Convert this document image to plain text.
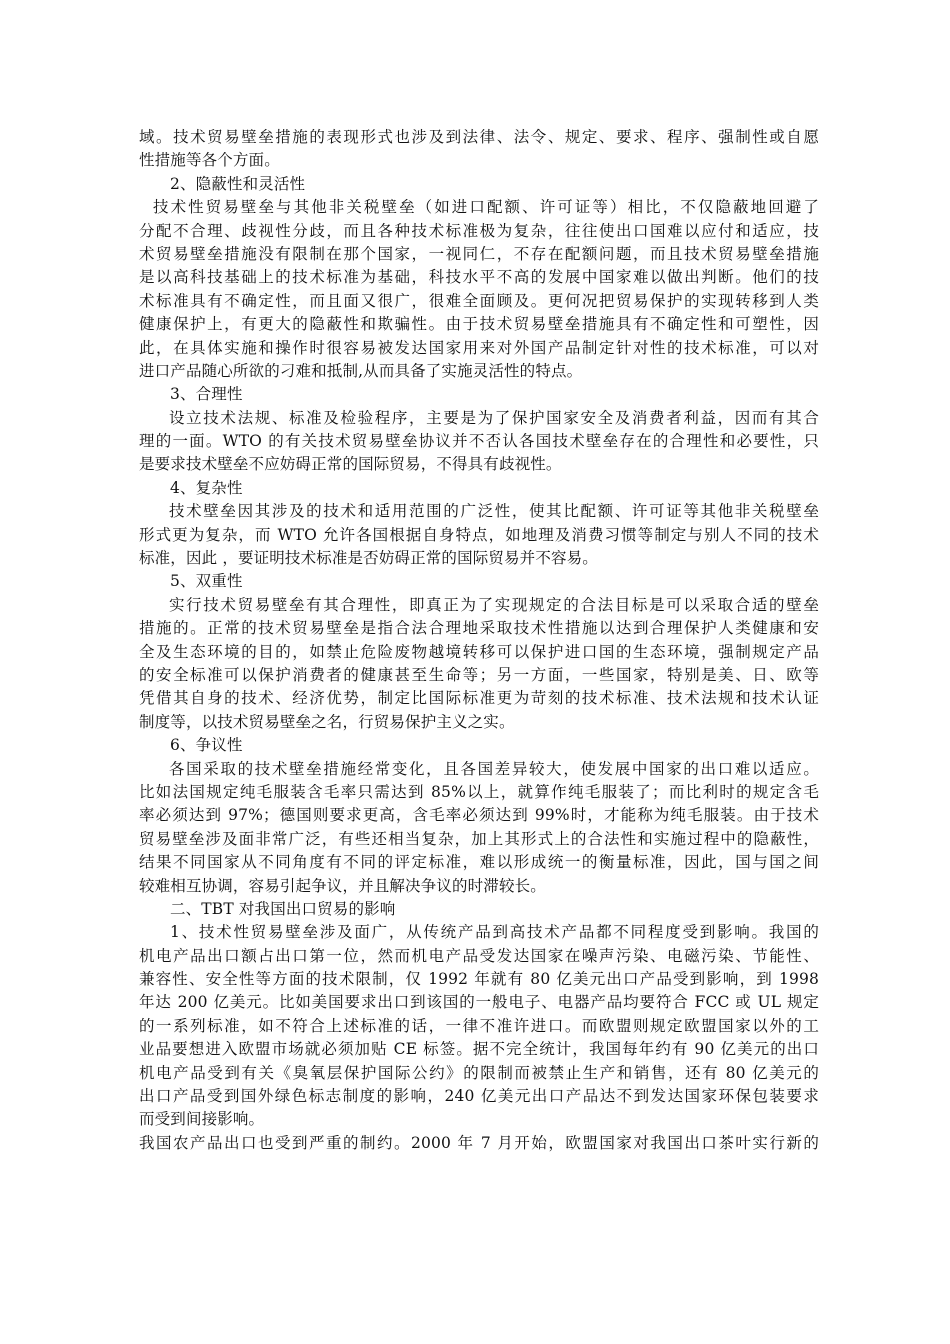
域。技术贸易壁垒措施的表现形式也涉及到法律、法令、规定、要求、程序、强制性或自愿
性措施等各个方面。
2、隐蔽性和灵活性
技术性贸易壁垒与其他非关税壁垒（如进口配额、许可证等）相比，不仅隐蔽地回避了
分配不合理、歧视性分歧，而且各种技术标准极为复杂，往往使出口国难以应付和适应，技
术贸易壁垒措施没有限制在那个国家，一视同仁，不存在配额问题，而且技术贸易壁垒措施
是以高科技基础上的技术标准为基础，科技水平不高的发展中国家难以做出判断。他们的技
术标准具有不确定性，而且面又很广，很难全面顾及。更何况把贸易保护的实现转移到人类
健康保护上，有更大的隐蔽性和欺骗性。由于技术贸易壁垒措施具有不确定性和可塑性，因
此，在具体实施和操作时很容易被发达国家用来对外国产品制定针对性的技术标准，可以对
进口产品随心所欲的刁难和抵制,从而具备了实施灵活性的特点。
3、合理性
设立技术法规、标准及检验程序，主要是为了保护国家安全及消费者利益，因而有其合
理的一面。WTO 的有关技术贸易壁垒协议并不否认各国技术壁垒存在的合理性和必要性，只
是要求技术壁垒不应妨碍正常的国际贸易，不得具有歧视性。
4、复杂性
技术壁垒因其涉及的技术和适用范围的广泛性，使其比配额、许可证等其他非关税壁垒
形式更为复杂，而 WTO 允许各国根据自身特点，如地理及消费习惯等制定与别人不同的技术
标准，因此 ，要证明技术标准是否妨碍正常的国际贸易并不容易。
5、双重性
实行技术贸易壁垒有其合理性，即真正为了实现规定的合法目标是可以采取合适的壁垒
措施的。正常的技术贸易壁垒是指合法合理地采取技术性措施以达到合理保护人类健康和安
全及生态环境的目的，如禁止危险废物越境转移可以保护进口国的生态环境，强制规定产品
的安全标准可以保护消费者的健康甚至生命等；另一方面，一些国家，特别是美、日、欧等
凭借其自身的技术、经济优势，制定比国际标准更为苛刻的技术标准、技术法规和技术认证
制度等，以技术贸易壁垒之名，行贸易保护主义之实。
6、争议性
各国采取的技术壁垒措施经常变化，且各国差异较大，使发展中国家的出口难以适应。
比如法国规定纯毛服装含毛率只需达到 85%以上，就算作纯毛服装了；而比利时的规定含毛
率必须达到 97%；德国则要求更高，含毛率必须达到 99%时，才能称为纯毛服装。由于技术
贸易壁垒涉及面非常广泛，有些还相当复杂，加上其形式上的合法性和实施过程中的隐蔽性，
结果不同国家从不同角度有不同的评定标准，难以形成统一的衡量标准，因此，国与国之间
较难相互协调，容易引起争议，并且解决争议的时滞较长。
二、TBT 对我国出口贸易的影响
1、技术性贸易壁垒涉及面广，从传统产品到高技术产品都不同程度受到影响。我国的
机电产品出口额占出口第一位，然而机电产品受发达国家在噪声污染、电磁污染、节能性、
兼容性、安全性等方面的技术限制，仅 1992 年就有 80 亿美元出口产品受到影响，到 1998
年达 200 亿美元。比如美国要求出口到该国的一般电子、电器产品均要符合 FCC 或 UL 规定
的一系列标准，如不符合上述标准的话，一律不准许进口。而欧盟则规定欧盟国家以外的工
业品要想进入欧盟市场就必须加贴 CE 标签。据不完全统计，我国每年约有 90 亿美元的出口
机电产品受到有关《臭氧层保护国际公约》的限制而被禁止生产和销售，还有 80 亿美元的
出口产品受到国外绿色标志制度的影响，240 亿美元出口产品达不到发达国家环保包装要求
而受到间接影响。
我国农产品出口也受到严重的制约。2000 年 7 月开始，欧盟国家对我国出口茶叶实行新的
